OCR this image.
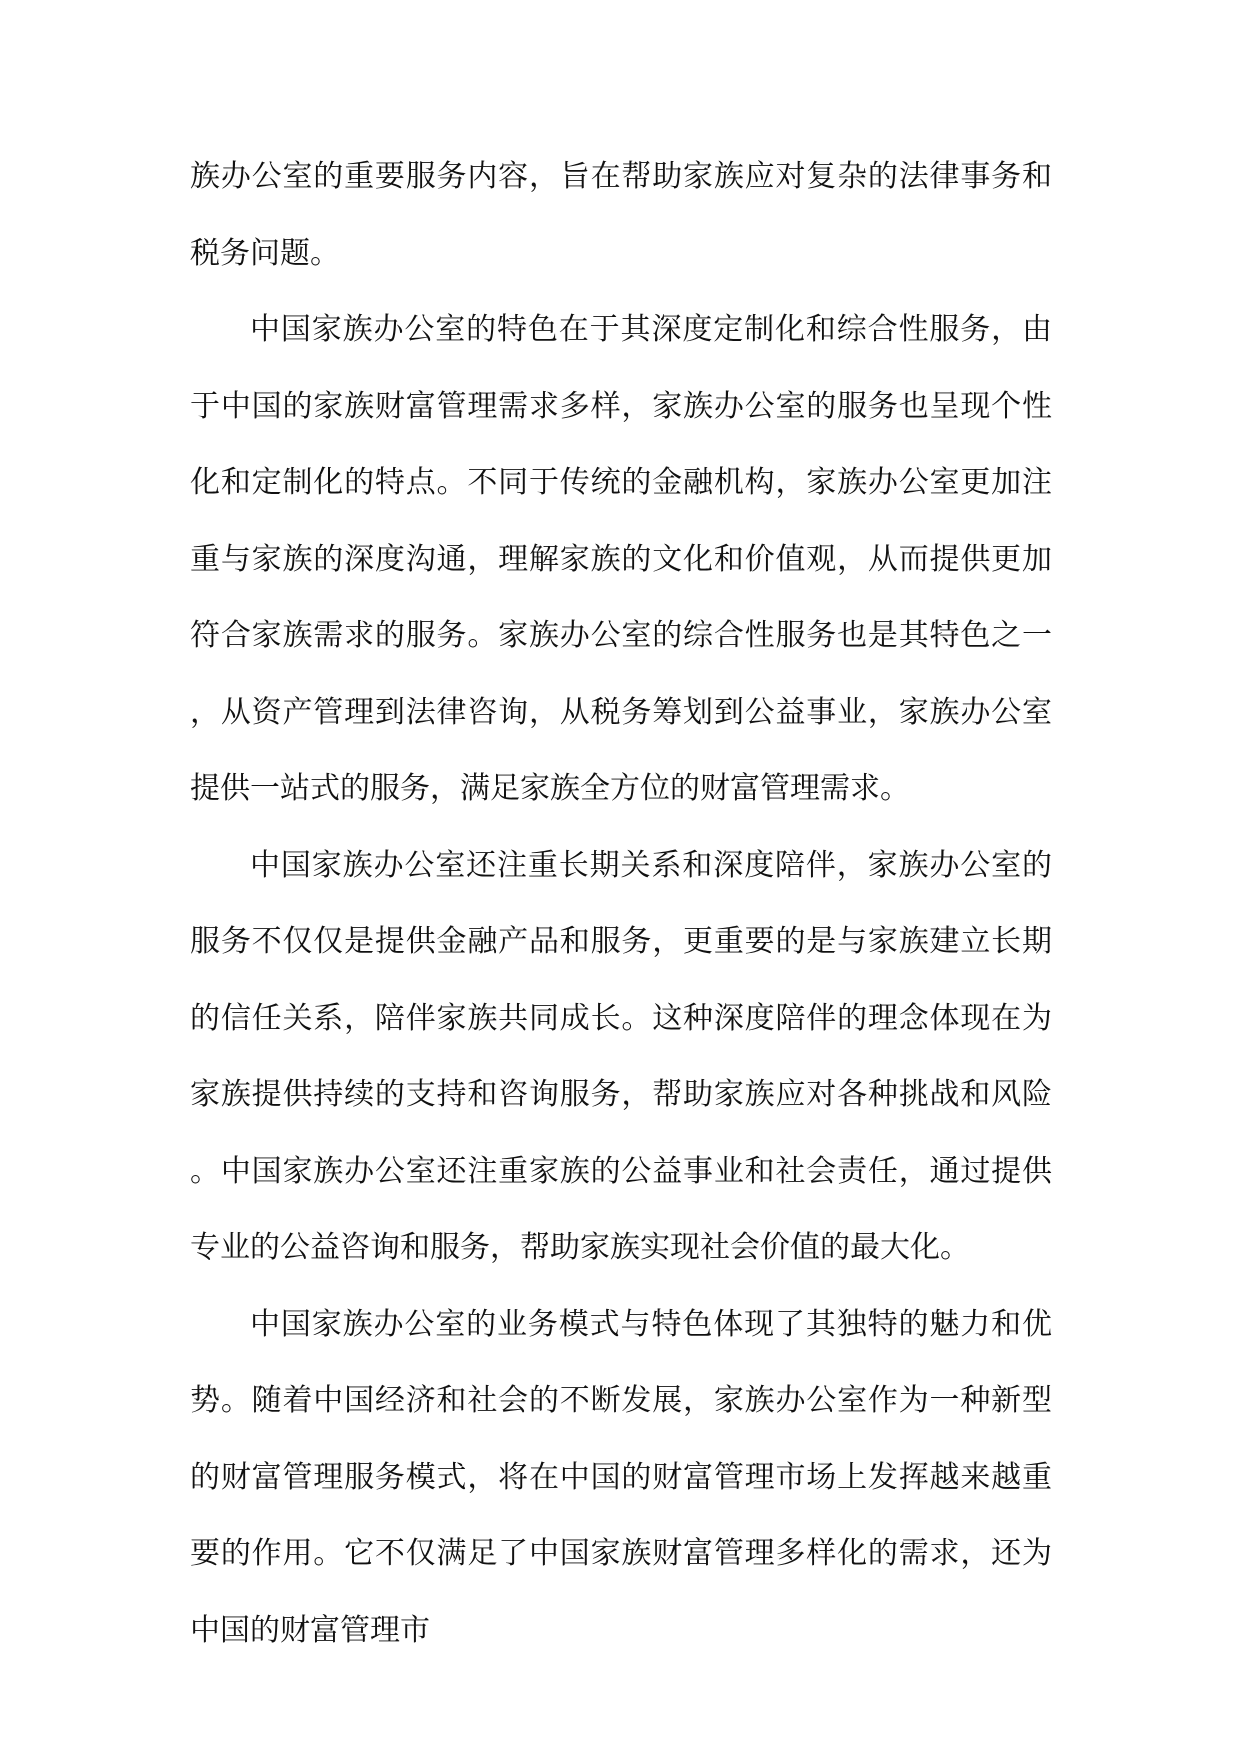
族办公室的重要服务内容，旨在帮助家族应对复杂的法律事务和税务问题。

中国家族办公室的特色在于其深度定制化和综合性服务，由于中国的家族财富管理需求多样，家族办公室的服务也呈现个性化和定制化的特点。不同于传统的金融机构，家族办公室更加注重与家族的深度沟通，理解家族的文化和价值观，从而提供更加符合家族需求的服务。家族办公室的综合性服务也是其特色之一，从资产管理到法律咨询，从税务筹划到公益事业，家族办公室提供一站式的服务，满足家族全方位的财富管理需求。

中国家族办公室还注重长期关系和深度陪伴，家族办公室的服务不仅仅是提供金融产品和服务，更重要的是与家族建立长期的信任关系，陪伴家族共同成长。这种深度陪伴的理念体现在为家族提供持续的支持和咨询服务，帮助家族应对各种挑战和风险。中国家族办公室还注重家族的公益事业和社会责任，通过提供专业的公益咨询和服务，帮助家族实现社会价值的最大化。

中国家族办公室的业务模式与特色体现了其独特的魅力和优势。随着中国经济和社会的不断发展，家族办公室作为一种新型的财富管理服务模式，将在中国的财富管理市场上发挥越来越重要的作用。它不仅满足了中国家族财富管理多样化的需求，还为中国的财富管理市
